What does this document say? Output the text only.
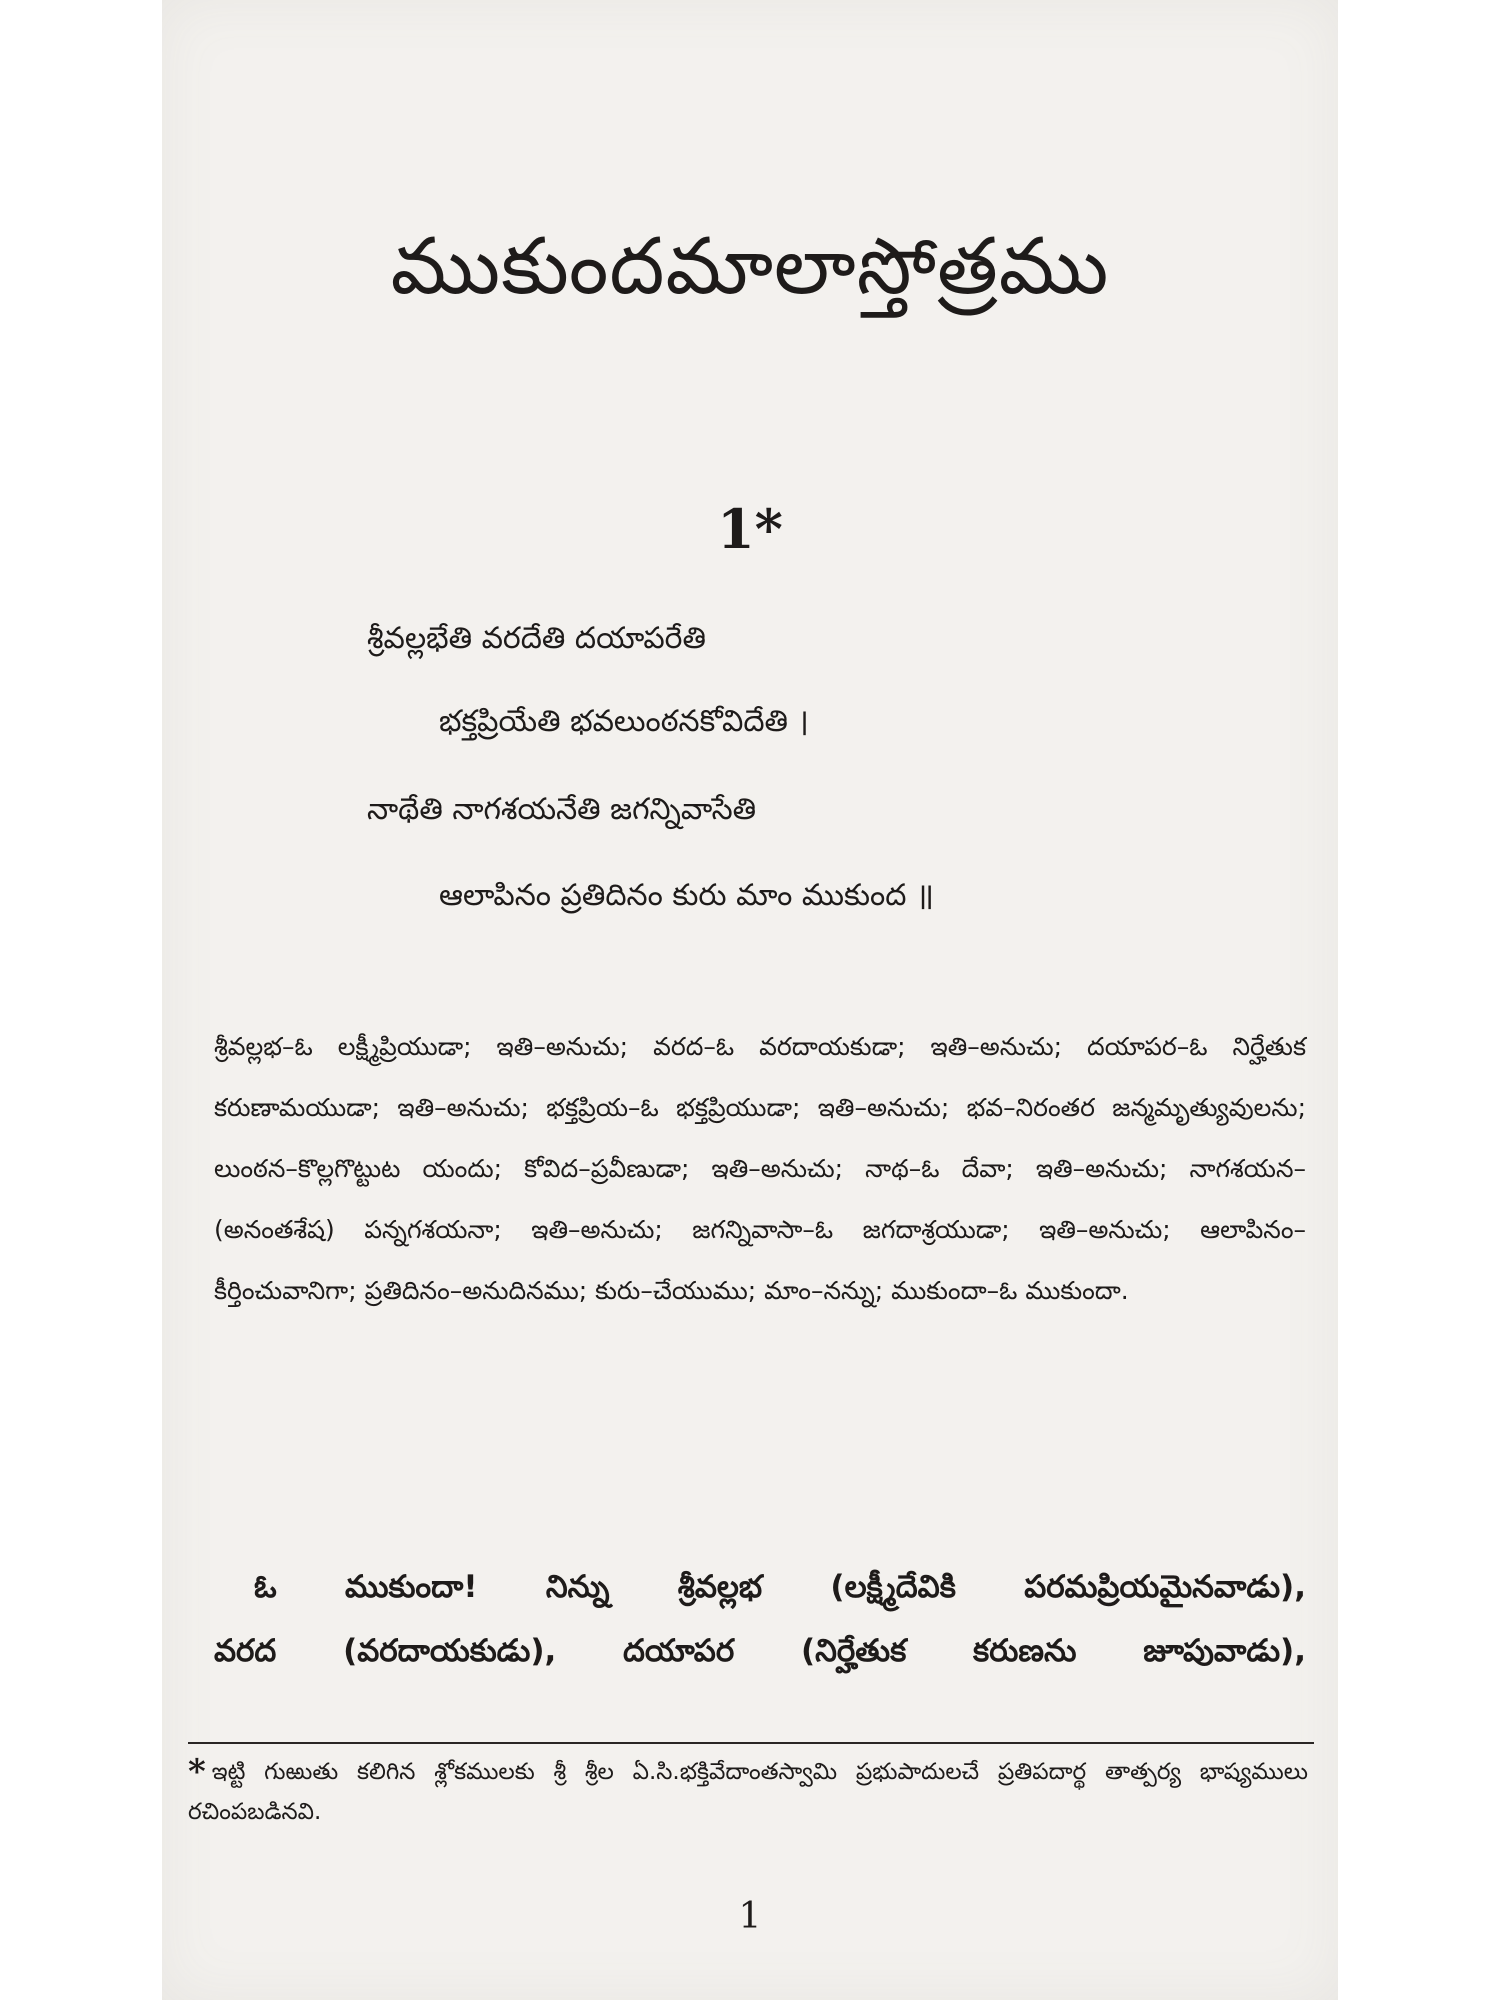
ముకుందమాలాస్తోత్రము
1*
శ్రీవల్లభేతి వరదేతి దయాపరేతి
భక్తప్రియేతి భవలుంఠనకోవిదేతి ।
నాథేతి నాగశయనేతి జగన్నివాసే‌తి
ఆలాపినం ప్రతిదినం కురు మాం ముకుంద ॥
శ్రీవల్లభ–ఓ లక్ష్మీప్రియుడా; ఇతి–అనుచు; వరద–ఓ వరదాయకుడా; ఇతి–అనుచు; దయాపర–ఓ నిర్హేతుక కరుణామయుడా; ఇతి–అనుచు; భక్తప్రియ–ఓ భక్తప్రియుడా; ఇతి–అనుచు; భవ–నిరంతర జన్మమృత్యువులను; లుంఠన–కొల్లగొట్టుట యందు; కోవిద–ప్రవీణుడా; ఇతి–అనుచు; నాథ–ఓ దేవా; ఇతి–అనుచు; నాగశయన–(అనంతశేష) పన్నగశయనా; ఇతి–అనుచు; జగన్నివాసా–ఓ జగదాశ్రయుడా; ఇతి–అనుచు; ఆలాపినం–కీర్తించువానిగా; ప్రతిదినం–అనుదినము; కురు–చేయుము; మాం–నన్ను; ముకుందా–ఓ ముకుందా.
ఓ ముకుందా! నిన్ను శ్రీవల్లభ (లక్ష్మీదేవికి పరమప్రియమైనవాడు),
వరద (వరదాయకుడు), దయాపర (నిర్హేతుక కరుణను జూపువాడు),
* ఇట్టి గుఱుతు కలిగిన శ్లోకములకు శ్రీ శ్రీల ఏ.సి.భక్తివేదాంతస్వామి ప్రభుపాదులచే ప్రతిపదార్థ తాత్పర్య భాష్యములు రచింపబడినవి.
1
